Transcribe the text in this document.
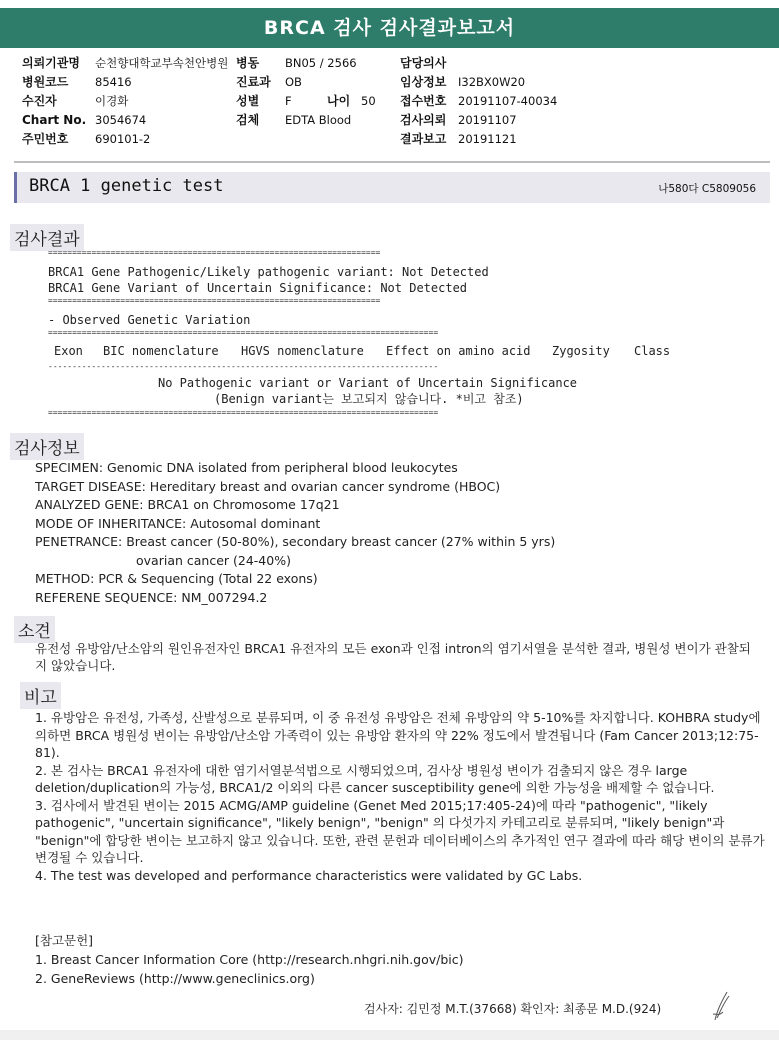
BRCA 검사 검사결과보고서
의뢰기관명 순천향대학교부속천안병원 병동 BN05 / 2566	담당의사
병원코드 85416	진료과 OB	임상정보 I32BX0W20
수진자	이경화	성별 F	나이 50 접수번호 20191107-40034
Chart No. 3054674	검체 EDTA Blood	검사의뢰 20191107
주민번호 690101-2	결과보고 20191121
BRCA 1 genetic test	나580다 C5809056
검사결과
=====================================================================
BRCA1 Gene Pathogenic/Likely pathogenic variant: Not Detected
BRCA1 Gene Variant of Uncertain Significance: Not Detected
=====================================================================
- Observed Genetic Variation
=================================================================================
Exon BIC nomenclature HGVS nomenclature Effect on amino acid Zygosity Class
---------------------------------------------------------------------------------
No Pathogenic variant or Variant of Uncertain Significance
(Benign variant는 보고되지 않습니다. *비고 참조)
=================================================================================
검사정보
SPECIMEN: Genomic DNA isolated from peripheral blood leukocytes
TARGET DISEASE: Hereditary breast and ovarian cancer syndrome (HBOC)
ANALYZED GENE: BRCA1 on Chromosome 17q21
MODE OF INHERITANCE: Autosomal dominant
PENETRANCE: Breast cancer (50-80%), secondary breast cancer (27% within 5 yrs)
ovarian cancer (24-40%)
METHOD: PCR & Sequencing (Total 22 exons)
REFERENE SEQUENCE: NM_007294.2
소견
유전성 유방암/난소암의 원인유전자인 BRCA1 유전자의 모든 exon과 인접 intron의 염기서열을 분석한 결과, 병원성 변이가 관찰되지 않았습니다.
비고

1. 유방암은 유전성, 가족성, 산발성으로 분류되며, 이 중 유전성 유방암은 전체 유방암의 약 5-10%를 차지합니다. KOHBRA study에 의하면 BRCA 병원성 변이는 유방암/난소암 가족력이 있는 유방암 환자의 약 22% 정도에서 발견됩니다 (Fam Cancer 2013;12:75-81).

2. 본 검사는 BRCA1 유전자에 대한 염기서열분석법으로 시행되었으며, 검사상 병원성 변이가 검출되지 않은 경우 large deletion/duplication의 가능성, BRCA1/2 이외의 다른 cancer susceptibility gene에 의한 가능성을 배제할 수 없습니다.

3. 검사에서 발견된 변이는 2015 ACMG/AMP guideline (Genet Med 2015;17:405-24)에 따라 "pathogenic", "likely pathogenic", "uncertain significance", "likely benign", "benign" 의 다섯가지 카테고리로 분류되며, "likely benign"과 "benign"에 합당한 변이는 보고하지 않고 있습니다. 또한, 관련 문헌과 데이터베이스의 추가적인 연구 결과에 따라 해당 변이의 분류가 변경될 수 있습니다.

4. The test was developed and performance characteristics were validated by GC Labs.

[참고문헌]
1. Breast Cancer Information Core (http://research.nhgri.nih.gov/bic)
2. GeneReviews (http://www.geneclinics.org)
검사자: 김민정 M.T.(37668) 확인자: 최종문 M.D.(924)
